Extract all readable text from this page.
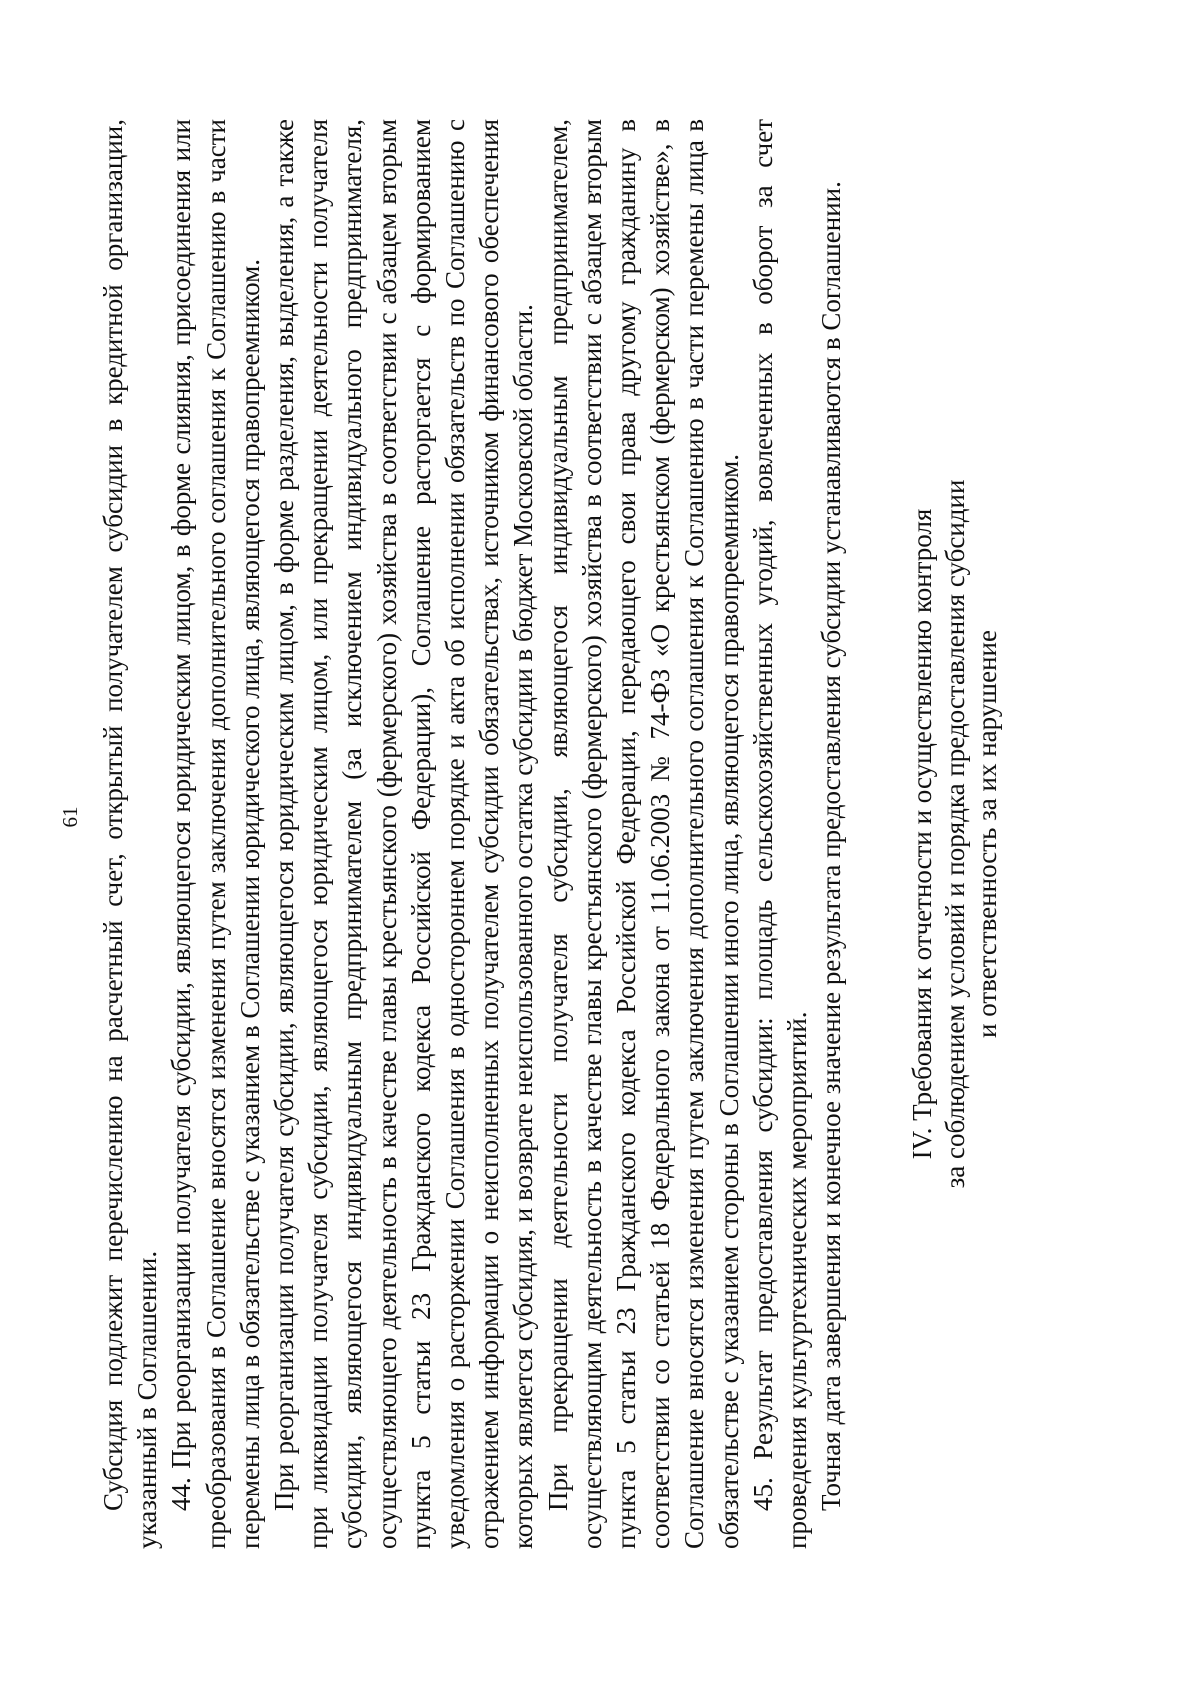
61 Субсидия подлежит перечислению на расчетный счет, открытый получателем субсидии в кредитной организации, указанный в Соглашении. 44. При реорганизации получателя субсидии, являющегося юридическим лицом, в форме слияния, присоединения или преобразования в Соглашение вносятся изменения путем заключения дополнительного соглашения к Соглашению в части перемены лица в обязательстве с указанием в Соглашении юридического лица, являющегося правопреемником. При реорганизации получателя субсидии, являющегося юридическим лицом, в форме разделения, выделения, а также при ликвидации получателя субсидии, являющегося юридическим лицом, или прекращении деятельности получателя субсидии, являющегося индивидуальным предпринимателем (за исключением индивидуального предпринимателя, осуществляющего деятельность в качестве главы крестьянского (фермерского) хозяйства в соответствии с абзацем вторым пункта 5 статьи 23 Гражданского кодекса Российской Федерации), Соглашение расторгается с формированием уведомления о расторжении Соглашения в одностороннем порядке и акта об исполнении обязательств по Соглашению с отражением информации о неисполненных получателем субсидии обязательствах, источником финансового обеспечения которых является субсидия, и возврате неиспользованного остатка субсидии в бюджет Московской области. При прекращении деятельности получателя субсидии, являющегося индивидуальным предпринимателем, осуществляющим деятельность в качестве главы крестьянского (фермерского) хозяйства в соответствии с абзацем вторым пункта 5 статьи 23 Гражданского кодекса Российской Федерации, передающего свои права другому гражданину в соответствии со статьей 18 Федерального закона от 11.06.2003 № 74-ФЗ «О крестьянском (фермерском) хозяйстве», в Соглашение вносятся изменения путем заключения дополнительного соглашения к Соглашению в части перемены лица в обязательстве с указанием стороны в Соглашении иного лица, являющегося правопреемником. 45. Результат предоставления субсидии: площадь сельскохозяйственных угодий, вовлеченных в оборот за счет проведения культуртехнических мероприятий. Точная дата завершения и конечное значение результата предоставления субсидии устанавливаются в Соглашении. IV. Требования к отчетности и осуществлению контроля за соблюдением условий и порядка предоставления субсидии и ответственность за их нарушение
